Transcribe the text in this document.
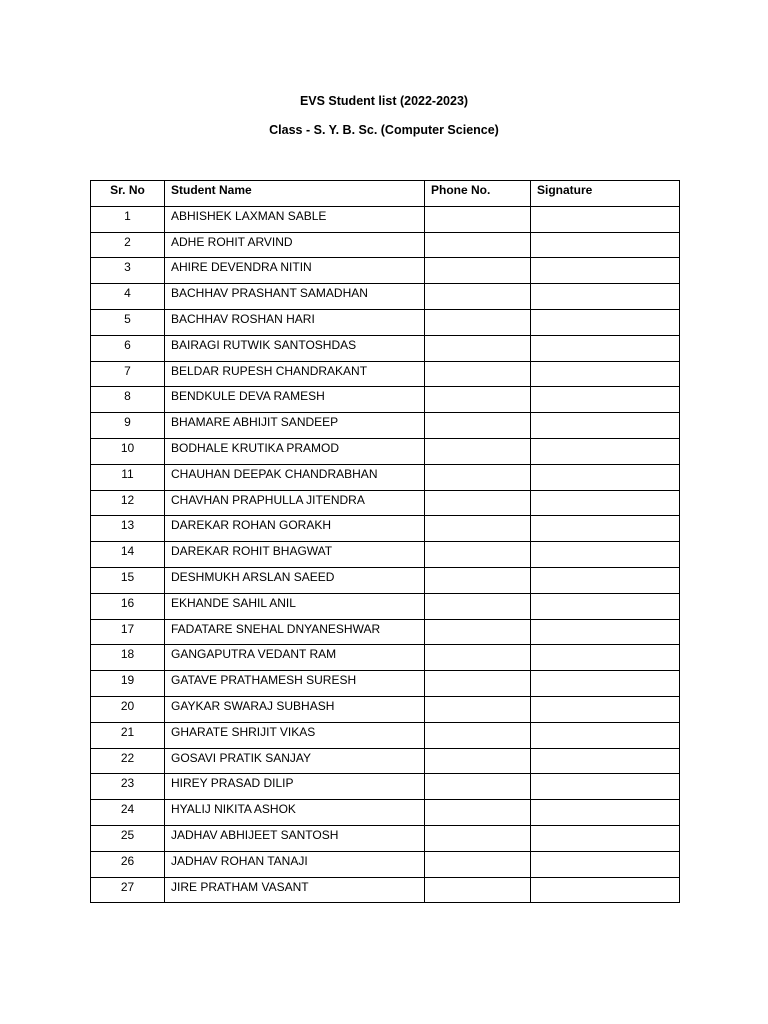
EVS Student list (2022-2023)
Class - S. Y. B. Sc. (Computer Science)
Sr. No	Student Name	Phone No.	Signature
1	ABHISHEK LAXMAN SABLE		
2	ADHE ROHIT ARVIND		
3	AHIRE DEVENDRA NITIN		
4	BACHHAV PRASHANT SAMADHAN		
5	BACHHAV ROSHAN HARI		
6	BAIRAGI RUTWIK SANTOSHDAS		
7	BELDAR RUPESH CHANDRAKANT		
8	BENDKULE DEVA RAMESH		
9	BHAMARE ABHIJIT SANDEEP		
10	BODHALE KRUTIKA PRAMOD		
11	CHAUHAN DEEPAK CHANDRABHAN		
12	CHAVHAN PRAPHULLA JITENDRA		
13	DAREKAR ROHAN GORAKH		
14	DAREKAR ROHIT BHAGWAT		
15	DESHMUKH ARSLAN SAEED		
16	EKHANDE SAHIL ANIL		
17	FADATARE SNEHAL DNYANESHWAR		
18	GANGAPUTRA VEDANT RAM		
19	GATAVE PRATHAMESH SURESH		
20	GAYKAR SWARAJ SUBHASH		
21	GHARATE SHRIJIT VIKAS		
22	GOSAVI PRATIK SANJAY		
23	HIREY PRASAD DILIP		
24	HYALIJ NIKITA ASHOK		
25	JADHAV ABHIJEET SANTOSH		
26	JADHAV ROHAN TANAJI		
27	JIRE PRATHAM VASANT		
